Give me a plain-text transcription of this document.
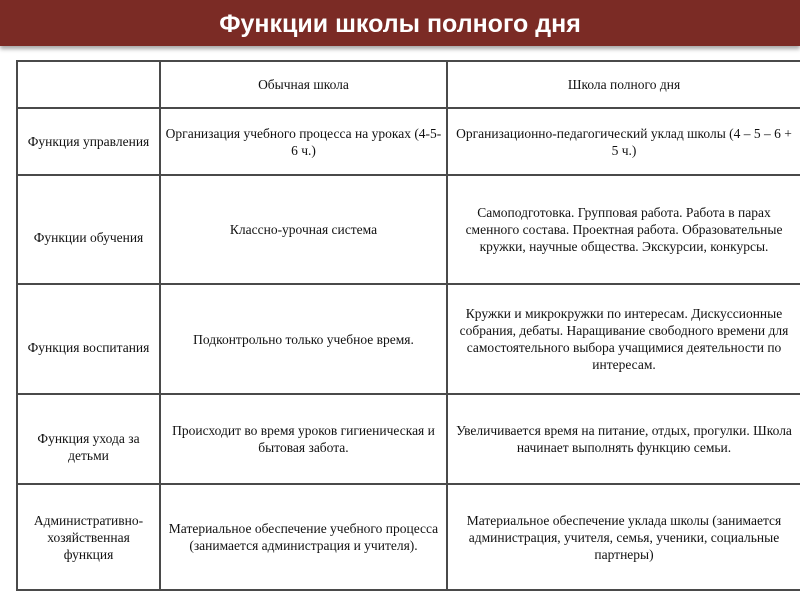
Функции школы полного дня
	Обычная школа	Школа полного дня
Функция управления	Организация учебного процесса на уроках (4-5-6 ч.)	Организационно-педагогический уклад школы (4 – 5 – 6 + 5 ч.)
Функции обучения	Классно-урочная система	Самоподготовка. Групповая работа. Работа в парах сменного состава. Проектная работа. Образовательные кружки, научные общества. Экскурсии, конкурсы.
Функция воспитания	Подконтрольно только учебное время.	Кружки и микрокружки по интересам. Дискуссионные собрания, дебаты. Наращивание свободного времени для самостоятельного выбора учащимися деятельности по интересам.
Функция ухода за детьми	Происходит во время уроков гигиеническая и бытовая забота.	Увеличивается время на питание, отдых, прогулки. Школа начинает выполнять функцию семьи.
Административно-хозяйственная функция	Материальное обеспечение учебного процесса (занимается администрация и учителя).	Материальное обеспечение уклада школы (занимается администрация, учителя, семья, ученики, социальные партнеры)
